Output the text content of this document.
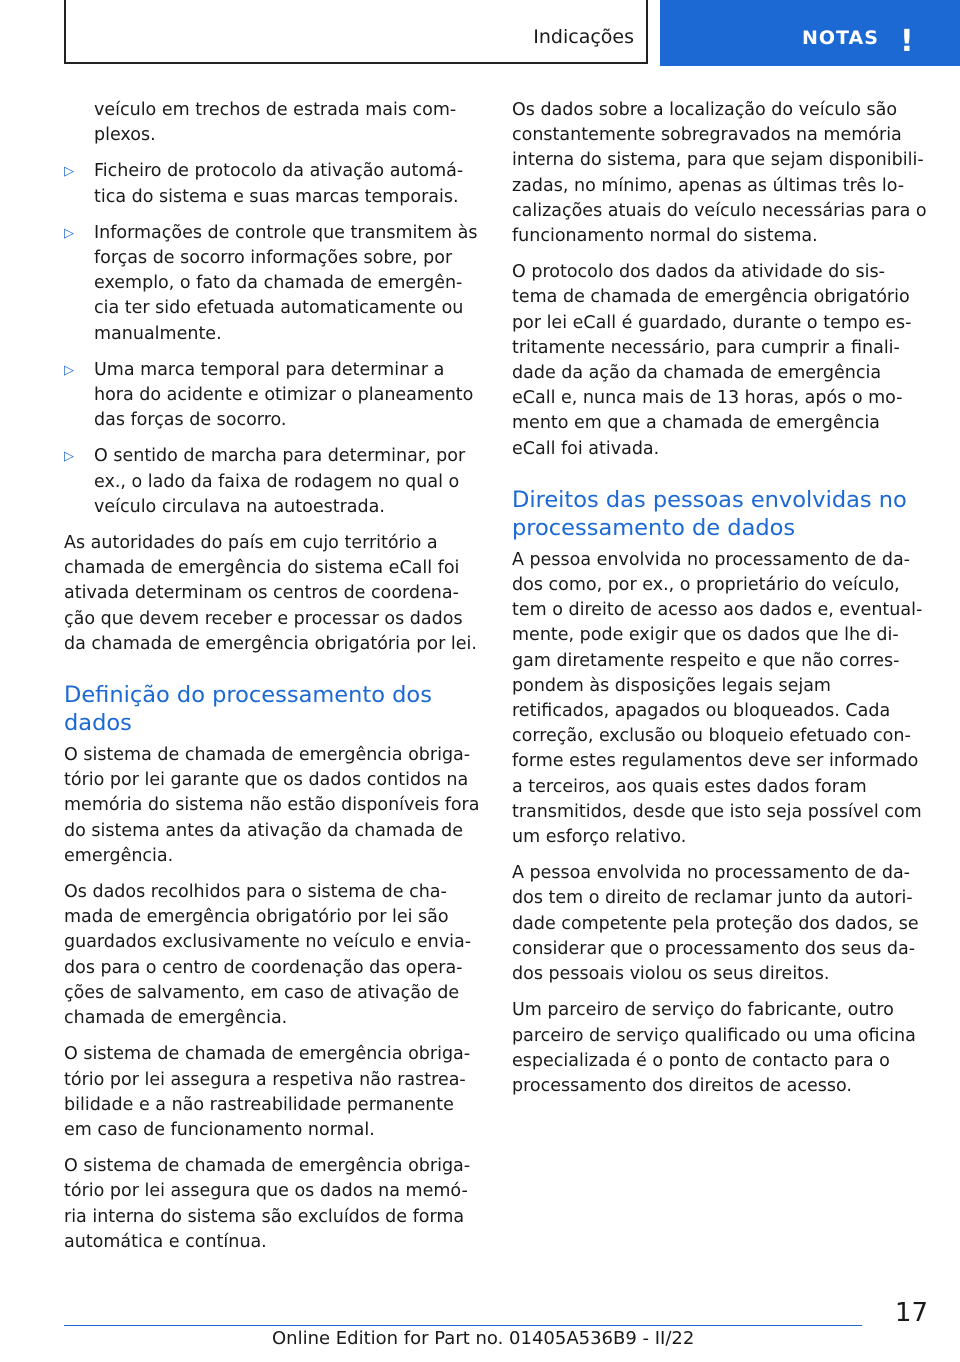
Indicações	NOTAS !

veículo em trechos de estrada mais com-plexos.

▷ Ficheiro de protocolo da ativação automá-tica do sistema e suas marcas temporais.
▷ Informações de controle que transmitem às forças de socorro informações sobre, por exemplo, o fato da chamada de emergên-cia ter sido efetuada automaticamente ou manualmente.
▷ Uma marca temporal para determinar a hora do acidente e otimizar o planeamento das forças de socorro.
▷ O sentido de marcha para determinar, por ex., o lado da faixa de rodagem no qual o veículo circulava na autoestrada.

As autoridades do país em cujo território a chamada de emergência do sistema eCall foi ativada determinam os centros de coordena-ção que devem receber e processar os dados da chamada de emergência obrigatória por lei.

Definição do processamento dos dados

O sistema de chamada de emergência obriga-tório por lei garante que os dados contidos na memória do sistema não estão disponíveis fora do sistema antes da ativação da chamada de emergência.

Os dados recolhidos para o sistema de cha-mada de emergência obrigatório por lei são guardados exclusivamente no veículo e envia-dos para o centro de coordenação das opera-ções de salvamento, em caso de ativação de chamada de emergência.

O sistema de chamada de emergência obriga-tório por lei assegura a respetiva não rastrea-bilidade e a não rastreabilidade permanente em caso de funcionamento normal.

O sistema de chamada de emergência obriga-tório por lei assegura que os dados na memó-ria interna do sistema são excluídos de forma automática e contínua.

Os dados sobre a localização do veículo são constantemente sobregravados na memória interna do sistema, para que sejam disponibili-zadas, no mínimo, apenas as últimas três lo-calizações atuais do veículo necessárias para o funcionamento normal do sistema.

O protocolo dos dados da atividade do sis-tema de chamada de emergência obrigatório por lei eCall é guardado, durante o tempo es-tritamente necessário, para cumprir a finali-dade da ação da chamada de emergência eCall e, nunca mais de 13 horas, após o mo-mento em que a chamada de emergência eCall foi ativada.

Direitos das pessoas envolvidas no processamento de dados

A pessoa envolvida no processamento de da-dos como, por ex., o proprietário do veículo, tem o direito de acesso aos dados e, eventual-mente, pode exigir que os dados que lhe di-gam diretamente respeito e que não corres-pondem às disposições legais sejam retificados, apagados ou bloqueados. Cada correção, exclusão ou bloqueio efetuado con-forme estes regulamentos deve ser informado a terceiros, aos quais estes dados foram transmitidos, desde que isto seja possível com um esforço relativo.

A pessoa envolvida no processamento de da-dos tem o direito de reclamar junto da autori-dade competente pela proteção dos dados, se considerar que o processamento dos seus da-dos pessoais violou os seus direitos.

Um parceiro de serviço do fabricante, outro parceiro de serviço qualificado ou uma oficina especializada é o ponto de contacto para o processamento dos direitos de acesso.

17
Online Edition for Part no. 01405A536B9 - II/22
